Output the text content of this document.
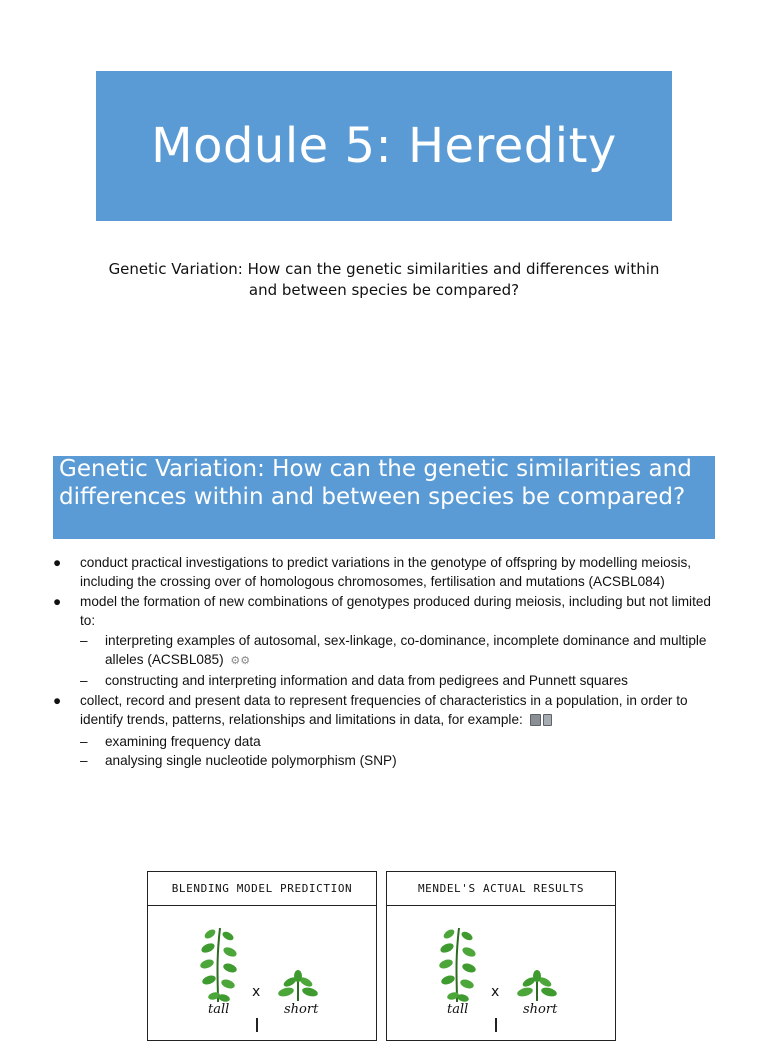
Module 5: Heredity
Genetic Variation: How can the genetic similarities and differences within and between species be compared?
Genetic Variation: How can the genetic similarities and differences within and between species be compared?
● conduct practical investigations to predict variations in the genotype of offspring by modelling meiosis, including the crossing over of homologous chromosomes, fertilisation and mutations (ACSBL084)
● model the formation of new combinations of genotypes produced during meiosis, including but not limited to:
– interpreting examples of autosomal, sex-linkage, co-dominance, incomplete dominance and multiple alleles (ACSBL085) ⚙⚙
– constructing and interpreting information and data from pedigrees and Punnett squares
● collect, record and present data to represent frequencies of characteristics in a population, in order to identify trends, patterns, relationships and limitations in data, for example:
– examining frequency data
– analysing single nucleotide polymorphism (SNP)
BLENDING MODEL PREDICTION
x
tall	short
MENDEL'S ACTUAL RESULTS
x
tall	short
